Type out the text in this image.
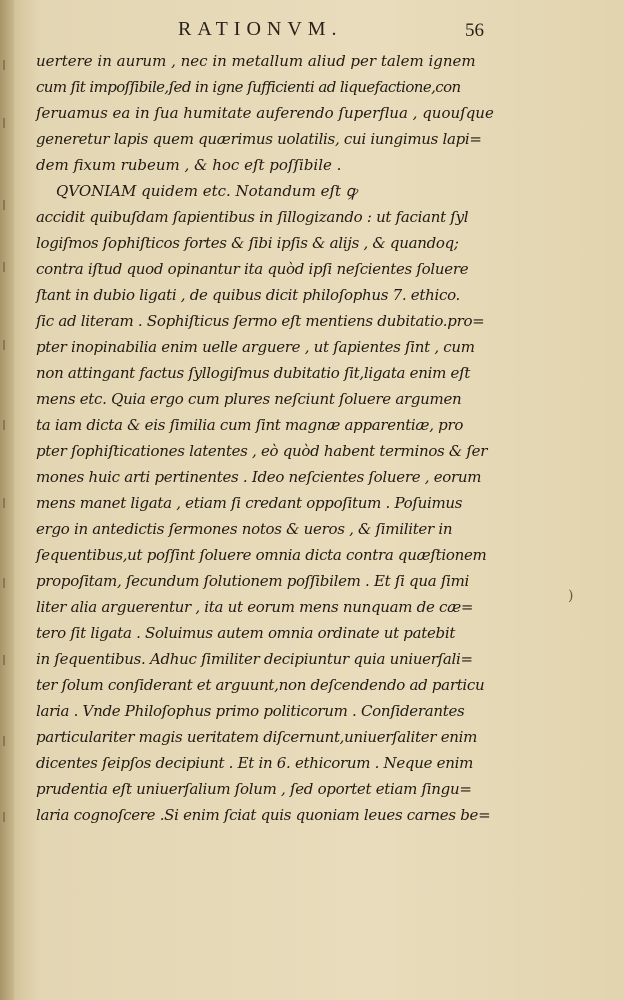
RATIONVM.	56
uertere in aurum , nec in metallum aliud per talem ignem
cum ſit impoſſibile,ſed in igne ſufficienti ad liquefactione,con
ſeruamus ea in ſua humitate auferendo ſuperflua , quouſque
generetur lapis quem quærimus uolatilis, cui iungimus lapi=
dem fixum rubeum , & hoc eſt poſſibile .
QVONIAM quidem etc. Notandum eſt ꝙ
accidit quibuſdam ſapientibus in ſillogizando : ut faciant ſyl
logiſmos ſophiſticos fortes & ſibi ipſis & alijs , & quandoq;
contra iſtud quod opinantur ita quòd ipſi neſcientes ſoluere
ſtant in dubio ligati , de quibus dicit philoſophus 7. ethico.
ſic ad literam . Sophiſticus ſermo eſt mentiens dubitatio.pro=
pter inopinabilia enim uelle arguere , ut ſapientes ſint , cum
non attingant factus ſyllogiſmus dubitatio ſit,ligata enim eſt
mens etc. Quia ergo cum plures neſciunt ſoluere argumen
ta iam dicta & eis ſimilia cum ſint magnæ apparentiæ, pro
pter ſophiſticationes latentes , eò quòd habent terminos & ſer
mones huic arti pertinentes . Ideo neſcientes ſoluere , eorum
mens manet ligata , etiam ſi credant oppoſitum . Poſuimus
ergo in antedictis ſermones notos & ueros , & ſimiliter in
ſequentibus,ut poſſint ſoluere omnia dicta contra quæſtionem
propoſitam, ſecundum ſolutionem poſſibilem . Et ſi qua ſimi
liter alia arguerentur , ita ut eorum mens nunquam de cæ=
tero ſit ligata . Soluimus autem omnia ordinate ut patebit
in ſequentibus. Adhuc ſimiliter decipiuntur quia uniuerſali=
ter ſolum conſiderant et arguunt,non deſcendendo ad particu
laria . Vnde Philoſophus primo politicorum . Conſiderantes
particulariter magis ueritatem diſcernunt,uniuerſaliter enim
dicentes ſeipſos decipiunt . Et in 6. ethicorum . Neque enim
prudentia eſt uniuerſalium ſolum , ſed oportet etiam ſingu=
laria cognoſcere .Si enim ſciat quis quoniam leues carnes be=
)
